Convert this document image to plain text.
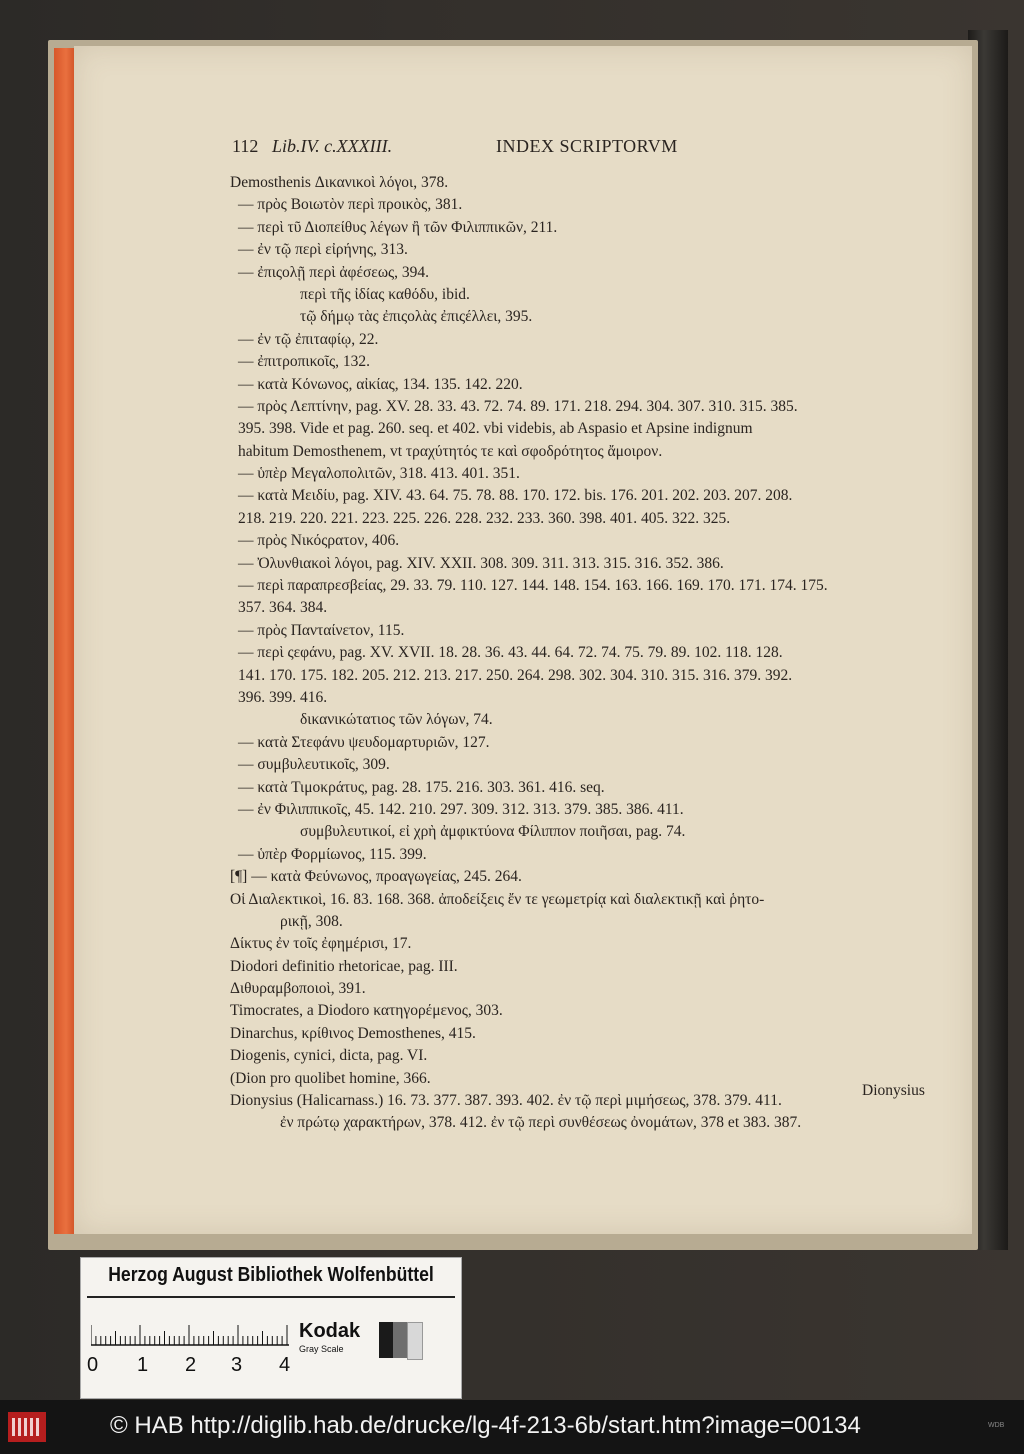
112 Lib.IV. c.XXXIII.	INDEX SCRIPTORVM
Demosthenis Δικανικοὶ λόγοι, 378.
— πρὸς Βοιωτὸν περὶ προικὸς, 381.
— περὶ τῦ Διοπείθυς λέγων ἢ τῶν Φιλιππικῶν, 211.
— ἐν τῷ περὶ εἰρήνης, 313.
— ἐπιςολῇ περὶ ἀφέσεως, 394.
περὶ τῆς ἰδίας καθόδυ, ibid.
τῷ δήμῳ τὰς ἐπιςολὰς ἐπιςέλλει, 395.
— ἐν τῷ ἐπιταφίῳ, 22.
— ἐπιτροπικοῖς, 132.
— κατὰ Κόνωνος, αἰκίας, 134. 135. 142. 220.
— πρὸς Λεπτίνην, pag. XV. 28. 33. 43. 72. 74. 89. 171. 218. 294. 304. 307. 310. 315. 385.
395. 398. Vide et pag. 260. seq. et 402. vbi videbis, ab Aspasio et Apsine indignum
habitum Demosthenem, vt τραχύτητός τε καὶ σφοδρότητος ἄμοιρον.
— ὑπὲρ Μεγαλοπολιτῶν, 318. 413. 401. 351.
— κατὰ Μειδίυ, pag. XIV. 43. 64. 75. 78. 88. 170. 172. bis. 176. 201. 202. 203. 207. 208.
218. 219. 220. 221. 223. 225. 226. 228. 232. 233. 360. 398. 401. 405. 322. 325.
— πρὸς Νικόςρατον, 406.
— Ὀλυνθιακοὶ λόγοι, pag. XIV. XXII. 308. 309. 311. 313. 315. 316. 352. 386.
— περὶ παραπρεσβείας, 29. 33. 79. 110. 127. 144. 148. 154. 163. 166. 169. 170. 171. 174. 175.
357. 364. 384.
— πρὸς Πανταίνετον, 115.
— περὶ ςεφάνυ, pag. XV. XVII. 18. 28. 36. 43. 44. 64. 72. 74. 75. 79. 89. 102. 118. 128.
141. 170. 175. 182. 205. 212. 213. 217. 250. 264. 298. 302. 304. 310. 315. 316. 379. 392.
396. 399. 416.
δικανικώτατιος τῶν λόγων, 74.
— κατὰ Στεφάνυ ψευδομαρτυριῶν, 127.
— συμβυλευτικοῖς, 309.
— κατὰ Τιμοκράτυς, pag. 28. 175. 216. 303. 361. 416. seq.
— ἐν Φιλιππικοῖς, 45. 142. 210. 297. 309. 312. 313. 379. 385. 386. 411.
συμβυλευτικοί, εἰ χρὴ ἀμφικτύονα Φίλιππον ποιῆσαι, pag. 74.
— ὑπὲρ Φορμίωνος, 115. 399.
[¶] — κατὰ Φεύνωνος, προαγωγείας, 245. 264.
Οἱ Διαλεκτικοὶ, 16. 83. 168. 368. ἀποδείξεις ἔν τε γεωμετρίᾳ καὶ διαλεκτικῇ καὶ ῥητο-
ρικῇ, 308.
Δίκτυς ἐν τοῖς ἐφημέρισι, 17.
Diodori definitio rhetoricae, pag. III.
Διθυραμβοποιοὶ, 391.
Timocrates, a Diodoro κατηγορέμενος, 303.
Dinarchus, κρίθινος Demosthenes, 415.
Diogenis, cynici, dicta, pag. VI.
(Dion pro quolibet homine, 366.
Dionysius (Halicarnass.) 16. 73. 377. 387. 393. 402. ἐν τῷ περὶ μιμήσεως, 378. 379. 411.
ἐν πρώτῳ χαρακτήρων, 378. 412. ἐν τῷ περὶ συνθέσεως ὀνομάτων, 378 et 383. 387.
Dionysius
Herzog August Bibliothek Wolfenbüttel
0 1 2 3 4
Kodak
Gray Scale
© HAB http://diglib.hab.de/drucke/lg-4f-213-6b/start.htm?image=00134	WDB
